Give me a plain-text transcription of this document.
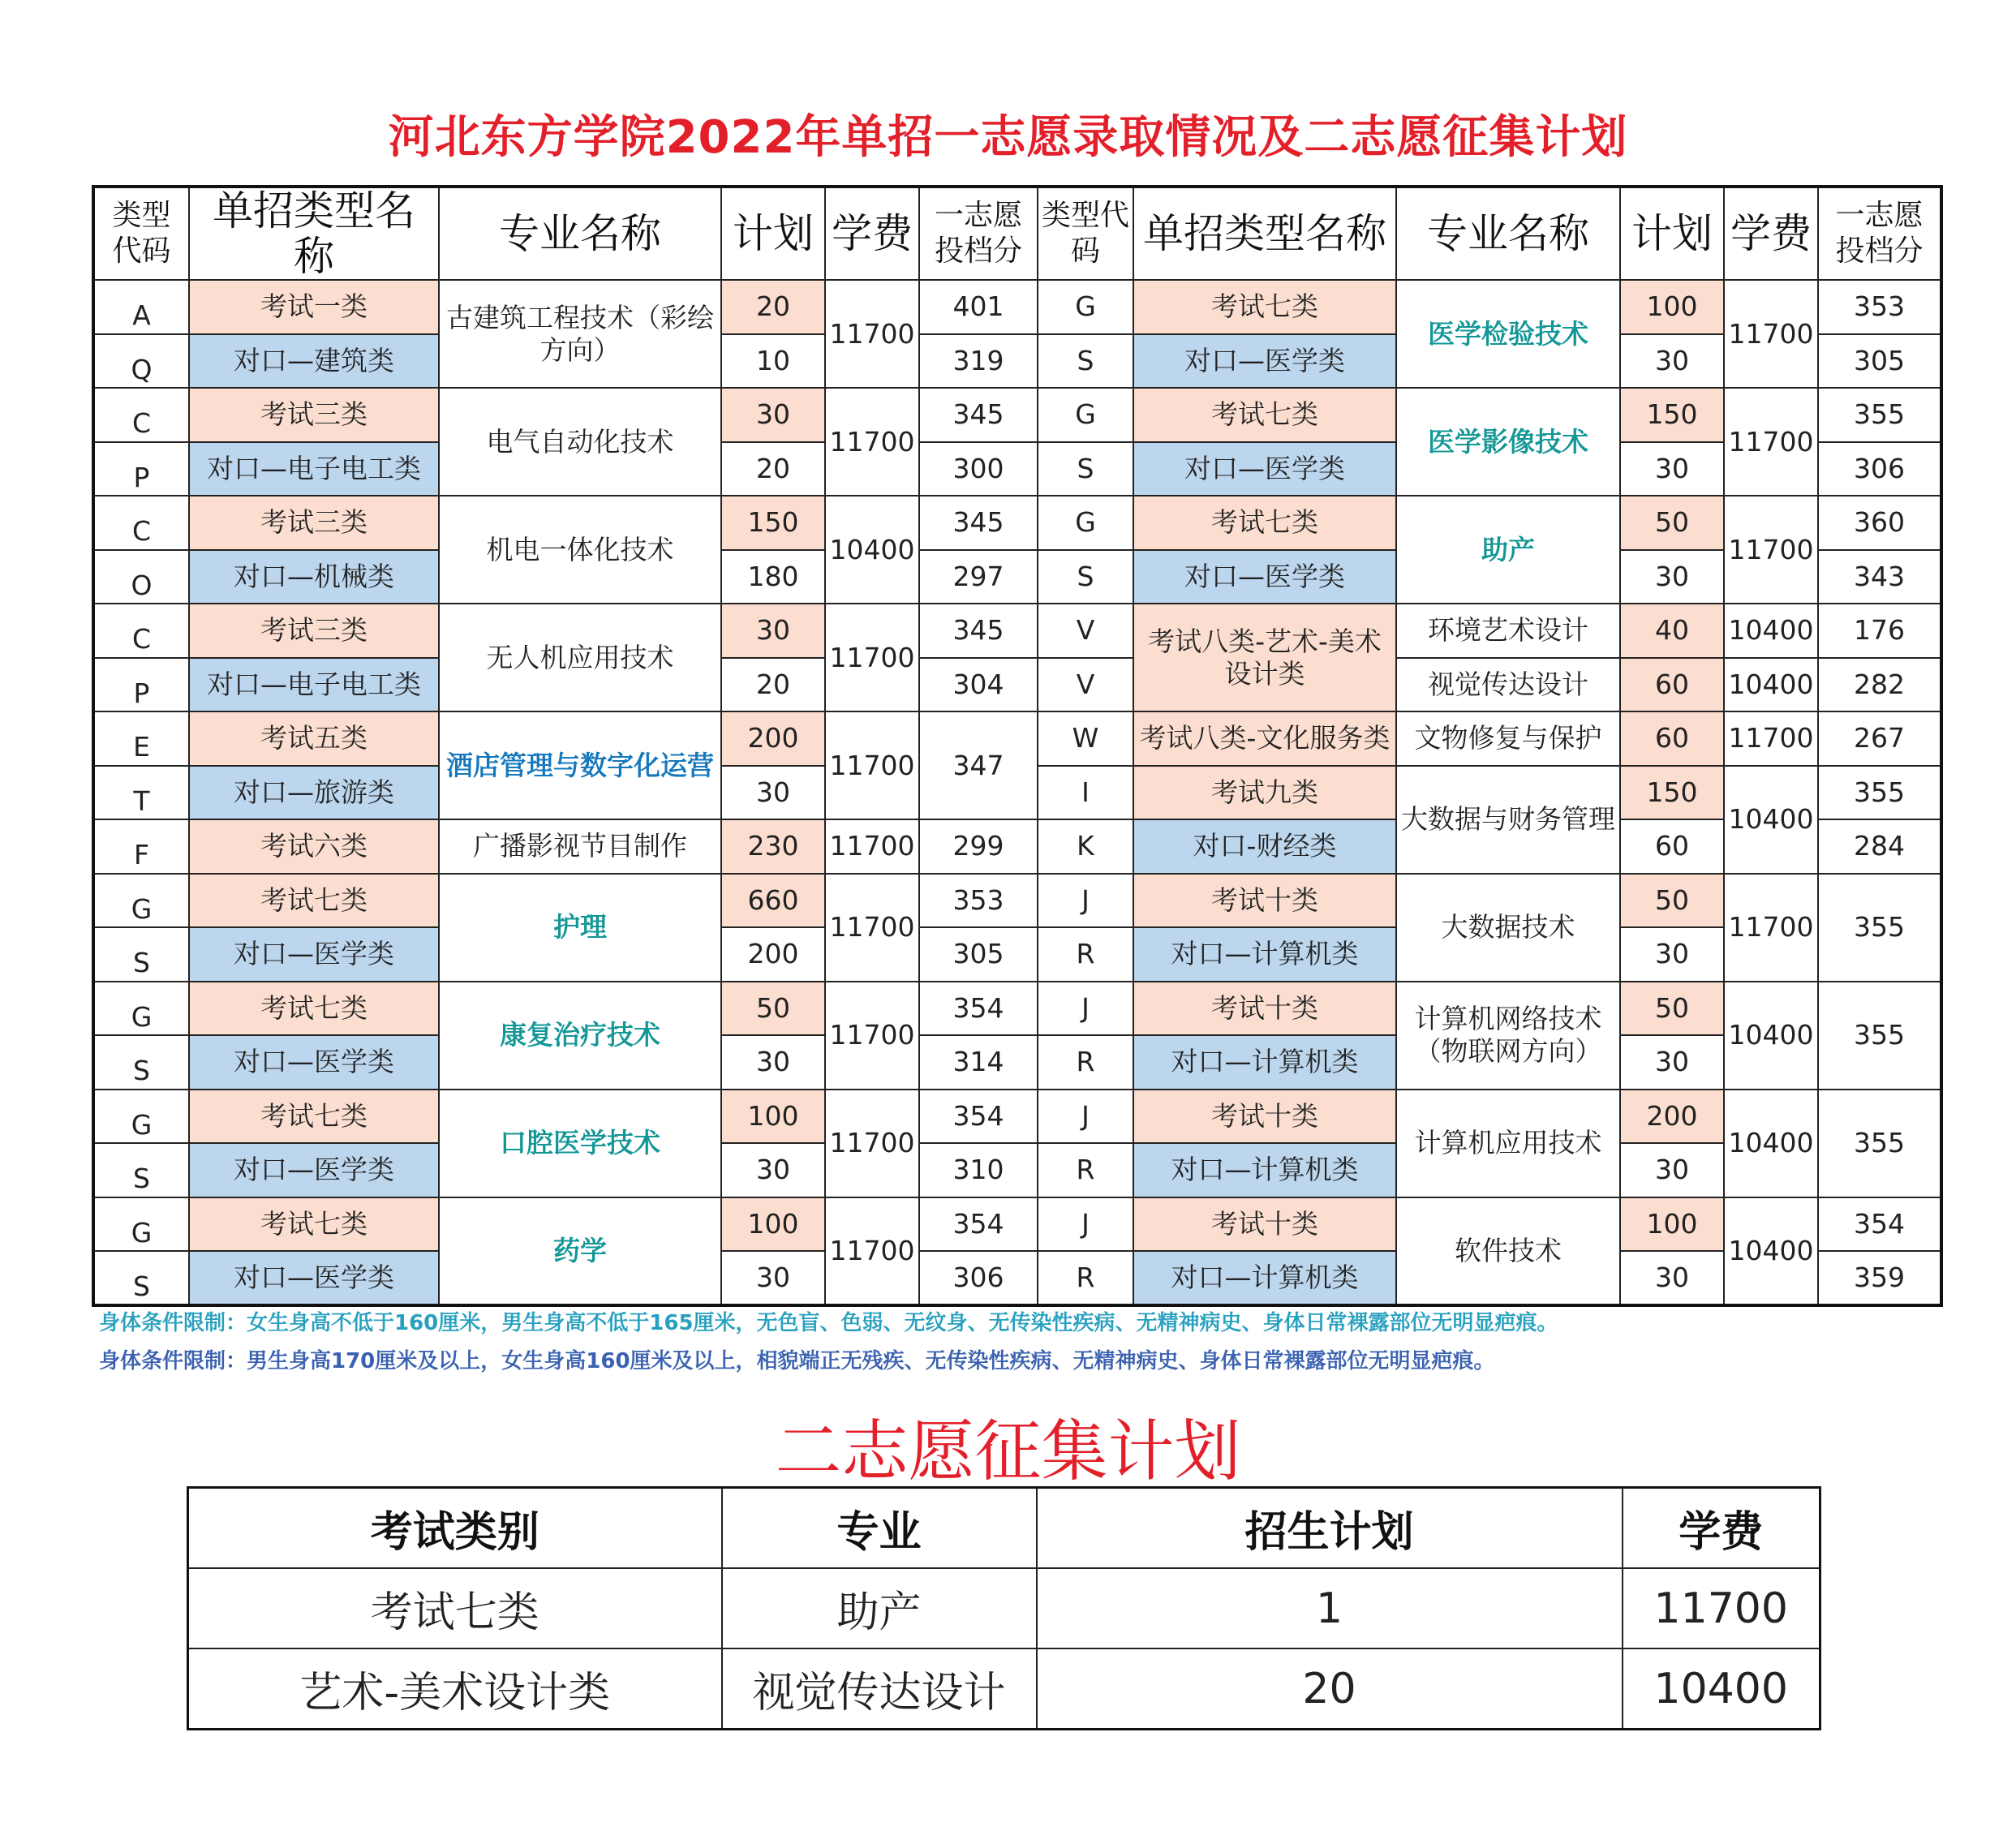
河北东方学院2022年单招一志愿录取情况及二志愿征集计划
类型代码	单招类型名称	专业名称	计划	学费	一志愿投档分	类型代码	单招类型名称	专业名称	计划	学费	一志愿投档分
A	考试一类	古建筑工程技术（彩绘方向）	20	11700	401	G	考试七类	医学检验技术	100	11700	353
Q	对口—建筑类		10		319	S	对口—医学类		30		305
C	考试三类	电气自动化技术	30	11700	345	G	考试七类	医学影像技术	150	11700	355
P	对口—电子电工类		20		300	S	对口—医学类		30		306
C	考试三类	机电一体化技术	150	10400	345	G	考试七类	助产	50	11700	360
O	对口—机械类		180		297	S	对口—医学类		30		343
C	考试三类	无人机应用技术	30	11700	345	V	考试八类-艺术-美术设计类	环境艺术设计	40	10400	176
P	对口—电子电工类		20		304	V		视觉传达设计	60	10400	282
E	考试五类	酒店管理与数字化运营	200	11700	347	W	考试八类-文化服务类	文物修复与保护	60	11700	267
T	对口—旅游类		30			I	考试九类	大数据与财务管理	150	10400	355
F	考试六类	广播影视节目制作	230	11700	299	K	对口-财经类		60		284
G	考试七类	护理	660	11700	353	J	考试十类	大数据技术	50	11700	355
S	对口—医学类		200		305	R	对口—计算机类		30		
G	考试七类	康复治疗技术	50	11700	354	J	考试十类	计算机网络技术（物联网方向）	50	10400	355
S	对口—医学类		30		314	R	对口—计算机类		30		
G	考试七类	口腔医学技术	100	11700	354	J	考试十类	计算机应用技术	200	10400	355
S	对口—医学类		30		310	R	对口—计算机类		30		
G	考试七类	药学	100	11700	354	J	考试十类	软件技术	100	10400	354
S	对口—医学类		30		306	R	对口—计算机类		30		359
身体条件限制：女生身高不低于160厘米，男生身高不低于165厘米，无色盲、色弱、无纹身、无传染性疾病、无精神病史、身体日常裸露部位无明显疤痕。
身体条件限制：男生身高170厘米及以上，女生身高160厘米及以上，相貌端正无残疾、无传染性疾病、无精神病史、身体日常裸露部位无明显疤痕。
二志愿征集计划
考试类别	专业	招生计划	学费
考试七类	助产	1	11700
艺术-美术设计类	视觉传达设计	20	10400
